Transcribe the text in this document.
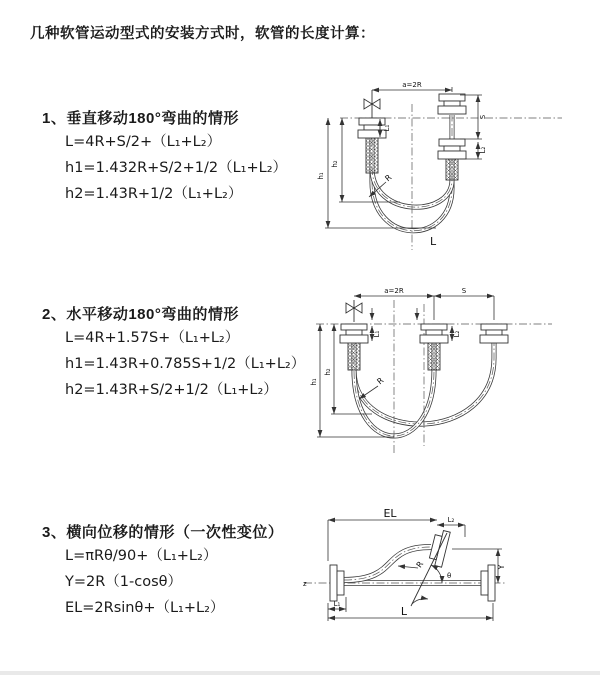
几种软管运动型式的安装方式时，软管的长度计算：
1、垂直移动180°弯曲的情形
L=4R+S/2+（L₁+L₂）
h1=1.432R+S/2+1/2（L₁+L₂）
h2=1.43R+1/2（L₁+L₂）
2、水平移动180°弯曲的情形
L=4R+1.57S+（L₁+L₂）
h1=1.43R+0.785S+1/2（L₁+L₂）
h2=1.43R+S/2+1/2（L₁+L₂）
3、横向位移的情形（一次性变位）
L=πRθ/90+（L₁+L₂）
Y=2R（1-cosθ）
EL=2Rsinθ+（L₁+L₂）
a=2R
h₁
h₂
L₁
S
L₂
R
L
a=2R	S
h₁
h₂
L₁	L₂
R
z
θ
EL	L₂
Y
L
L₁
R
